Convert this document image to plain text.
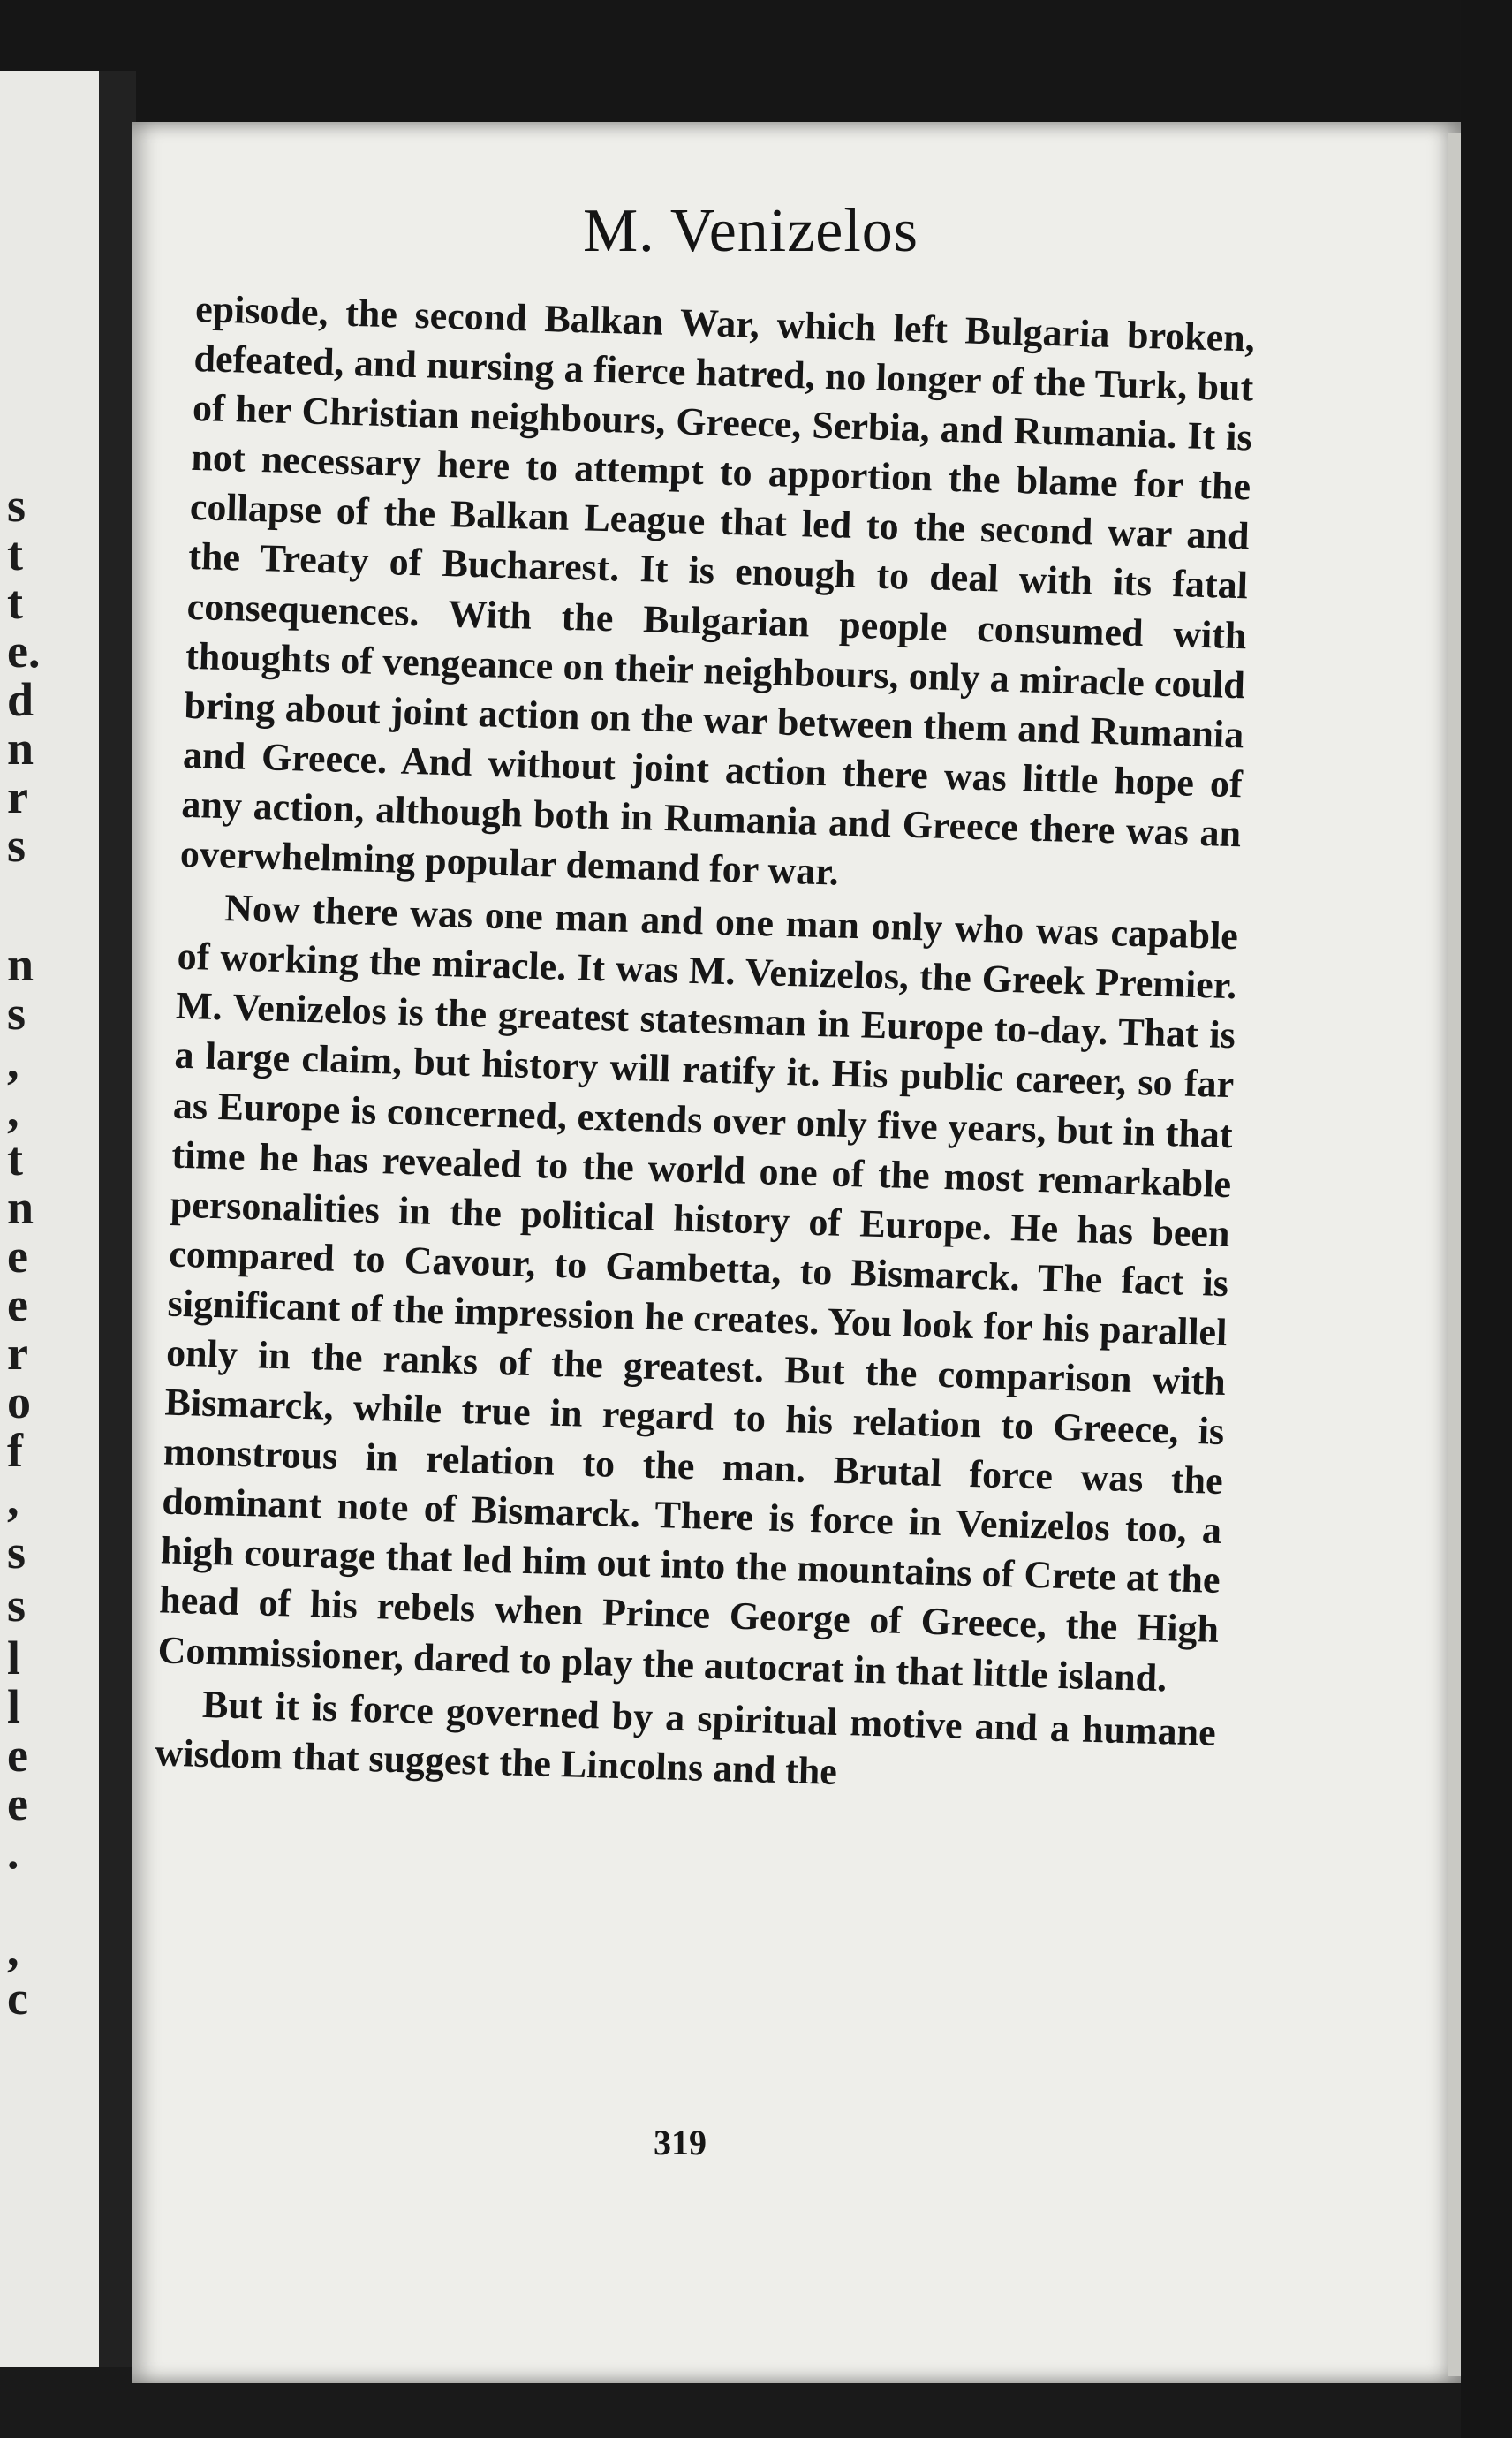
s
t
t
e.
d
n
r
s
n
s
,
,
t
n
e
e
r
o
f
,
s
s
l
l
e
e
.
,
c
M. Venizelos

episode, the second Balkan War, which left Bulgaria broken, defeated, and nursing a fierce hatred, no longer of the Turk, but of her Christian neighbours, Greece, Serbia, and Rumania. It is not necessary here to attempt to apportion the blame for the collapse of the Balkan League that led to the second war and the Treaty of Bucharest. It is enough to deal with its fatal consequences. With the Bulgarian people consumed with thoughts of vengeance on their neighbours, only a miracle could bring about joint action on the war between them and Rumania and Greece. And without joint action there was little hope of any action, although both in Rumania and Greece there was an overwhelming popular demand for war.

Now there was one man and one man only who was capable of working the miracle. It was M. Venizelos, the Greek Premier. M. Venizelos is the greatest statesman in Europe to-day. That is a large claim, but history will ratify it. His public career, so far as Europe is concerned, extends over only five years, but in that time he has revealed to the world one of the most remarkable personalities in the political history of Europe. He has been compared to Cavour, to Gambetta, to Bismarck. The fact is significant of the impression he creates. You look for his parallel only in the ranks of the greatest. But the comparison with Bismarck, while true in regard to his relation to Greece, is monstrous in relation to the man. Brutal force was the dominant note of Bismarck. There is force in Venizelos too, a high courage that led him out into the mountains of Crete at the head of his rebels when Prince George of Greece, the High Commissioner, dared to play the autocrat in that little island.

But it is force governed by a spiritual motive and a humane wisdom that suggest the Lincolns and the

319
